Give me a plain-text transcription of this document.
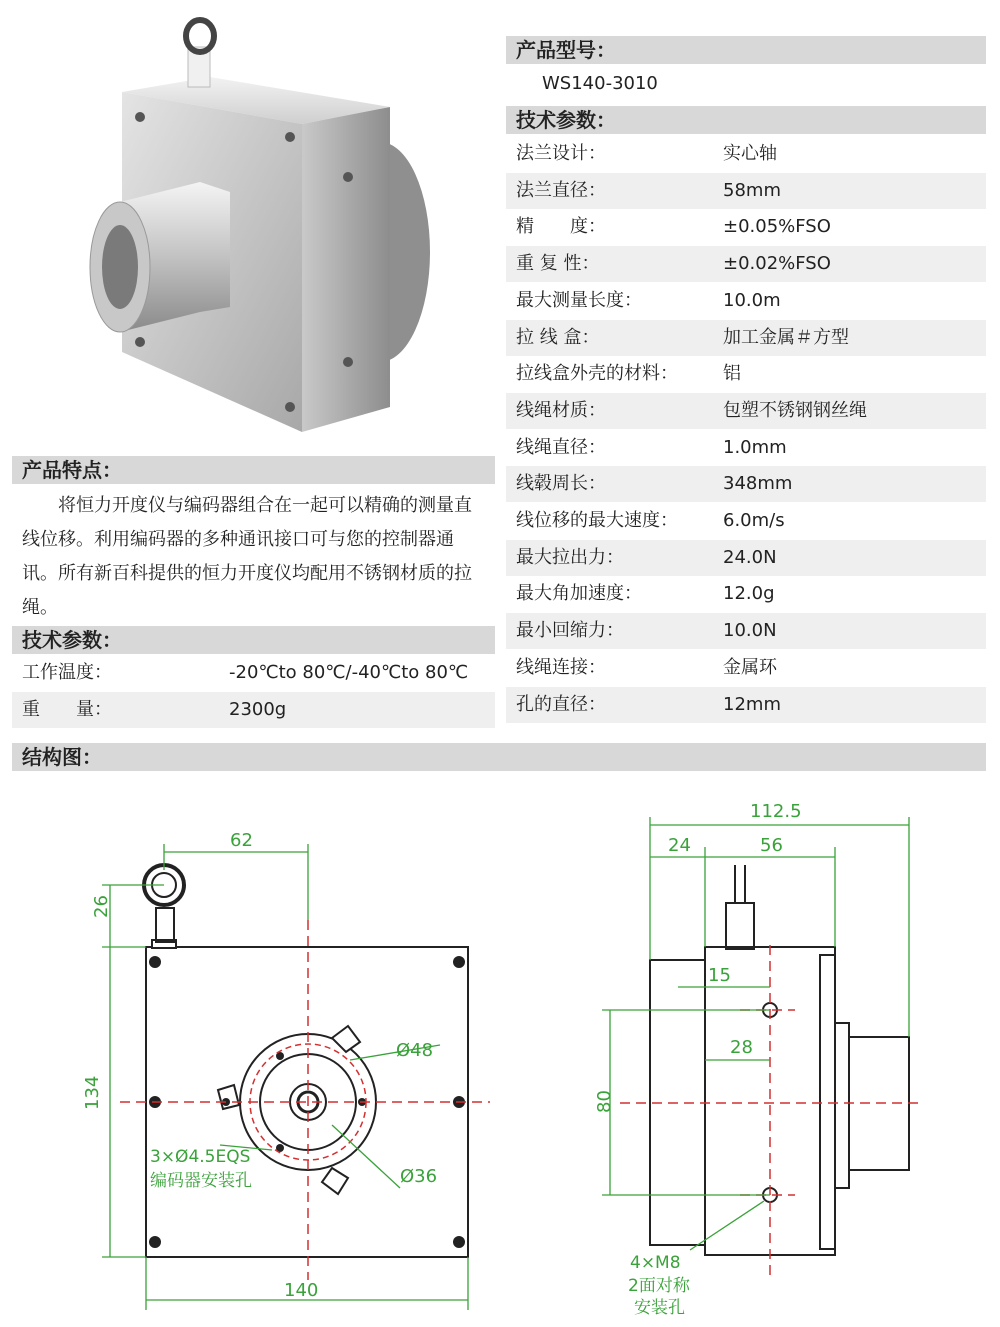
产品型号：
WS140-3010
技术参数：
法兰设计：	实心轴
法兰直径：	58mm
精　　度：	±0.05%FSO
重 复 性：	±0.02%FSO
最大测量长度：	10.0m
拉 线 盒：	加工金属＃方型
拉线盒外壳的材料：	铝
线绳材质：	包塑不锈钢钢丝绳
线绳直径：	1.0mm
线毂周长：	348mm
线位移的最大速度：	6.0m/s
最大拉出力：	24.0N
最大角加速度：	12.0g
最小回缩力：	10.0N
线绳连接：	金属环
孔的直径：	12mm
产品特点：

将恒力开度仪与编码器组合在一起可以精确的测量直线位移。利用编码器的多种通讯接口可与您的控制器通讯。所有新百科提供的恒力开度仪均配用不锈钢材质的拉绳。

技术参数：
工作温度：	-20℃to 80℃/-40℃to 80℃
重　　量：	2300g
结构图：
62
26
134
140
Ø48
Ø36
3×Ø4.5EQS
编码器安装孔
112.5
24	56
15
28
80
4×M8
2面对称
安装孔
